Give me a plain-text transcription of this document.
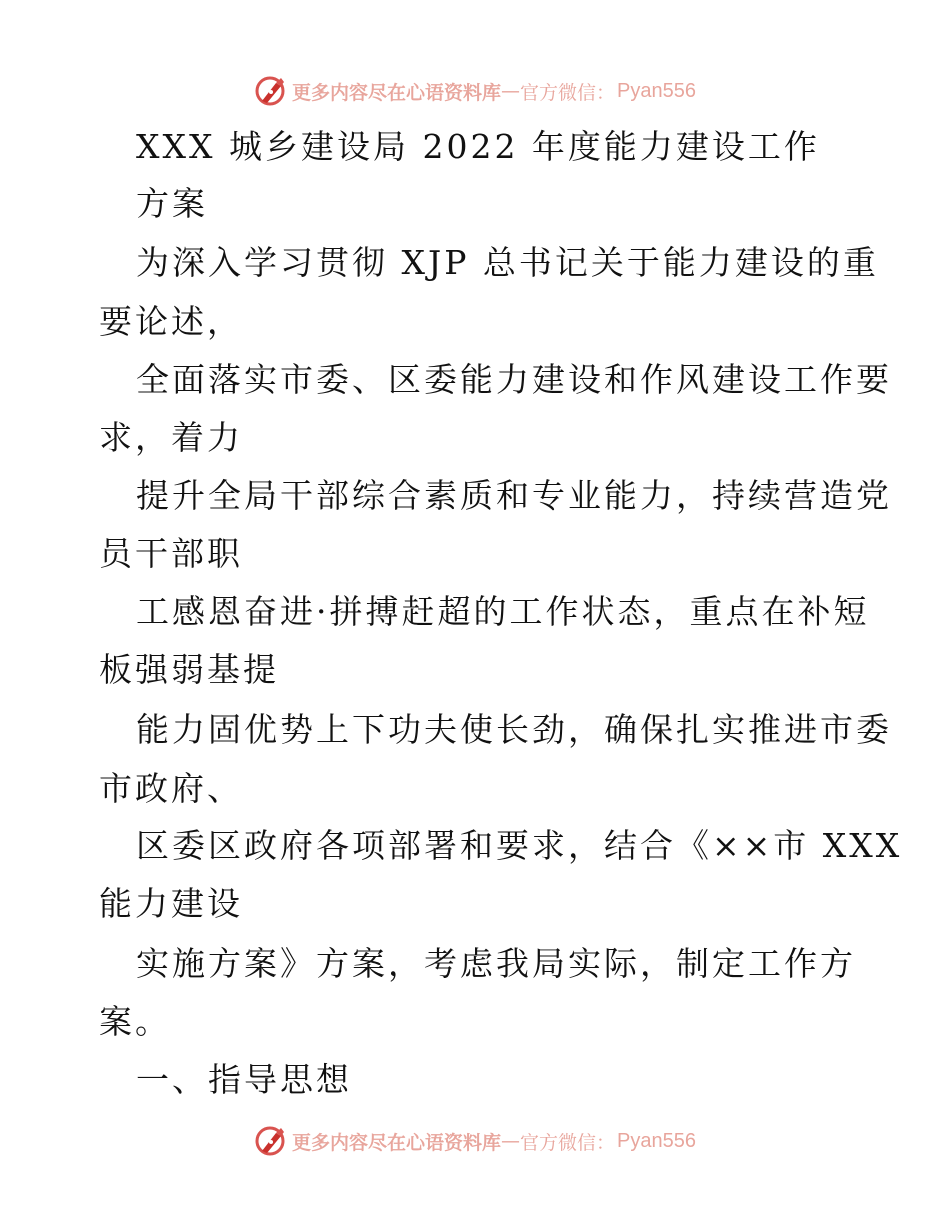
更多内容尽在心语资料库 — 官方微信： Pyan556
XXX 城乡建设局 2022 年度能力建设工作
方案
为深入学习贯彻 XJP 总书记关于能力建设的重
要论述，
全面落实市委、区委能力建设和作风建设工作要
求，着力
提升全局干部综合素质和专业能力，持续营造党
员干部职
工感恩奋进·拼搏赶超的工作状态，重点在补短
板强弱基提
能力固优势上下功夫使长劲，确保扎实推进市委
市政府、
区委区政府各项部署和要求，结合《××市 XXX
能力建设
实施方案》方案，考虑我局实际，制定工作方
案。
一、指导思想
更多内容尽在心语资料库 — 官方微信： Pyan556
